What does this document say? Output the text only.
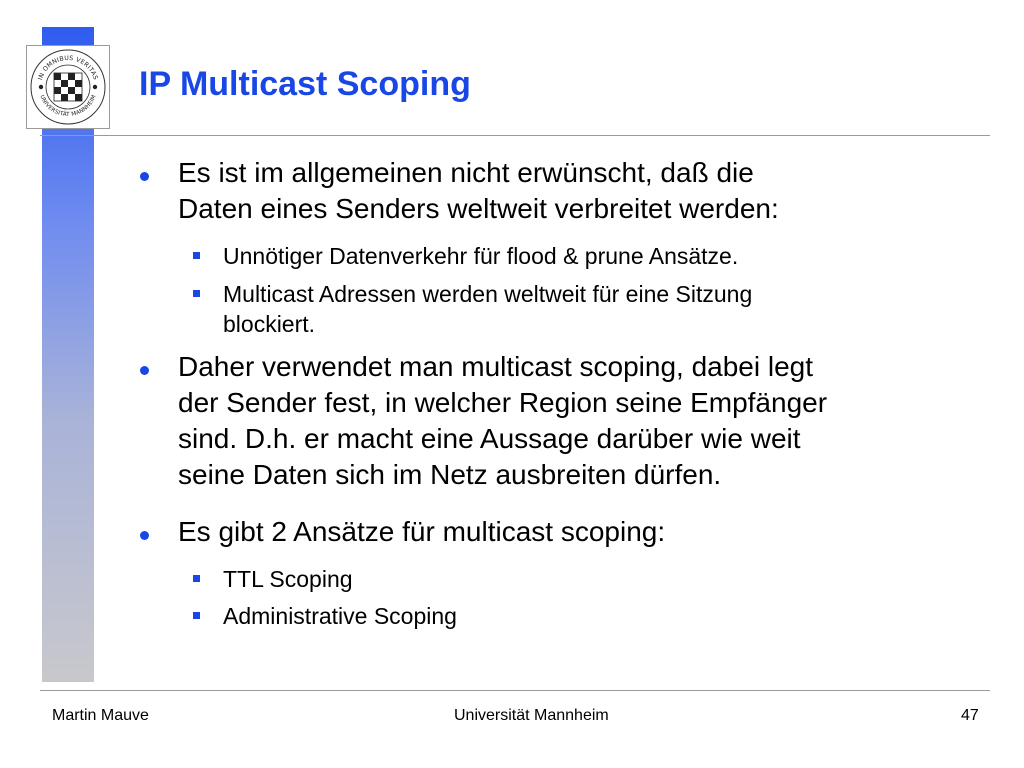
IN OMNIBUS VERITAS
UNIVERSITÄT MANNHEIM IP Multicast Scoping

Es ist im allgemeinen nicht erwünscht, daß die

Daten eines Senders weltweit verbreitet werden:

Unnötiger Datenverkehr für flood & prune Ansätze.

Multicast Adressen werden weltweit für eine Sitzung

blockiert.

Daher verwendet man multicast scoping, dabei legt

der Sender fest, in welcher Region seine Empfänger

sind. D.h. er macht eine Aussage darüber wie weit

seine Daten sich im Netz ausbreiten dürfen.

Es gibt 2 Ansätze für multicast scoping:

TTL Scoping

Administrative Scoping

Martin Mauve	Universität Mannheim	47
